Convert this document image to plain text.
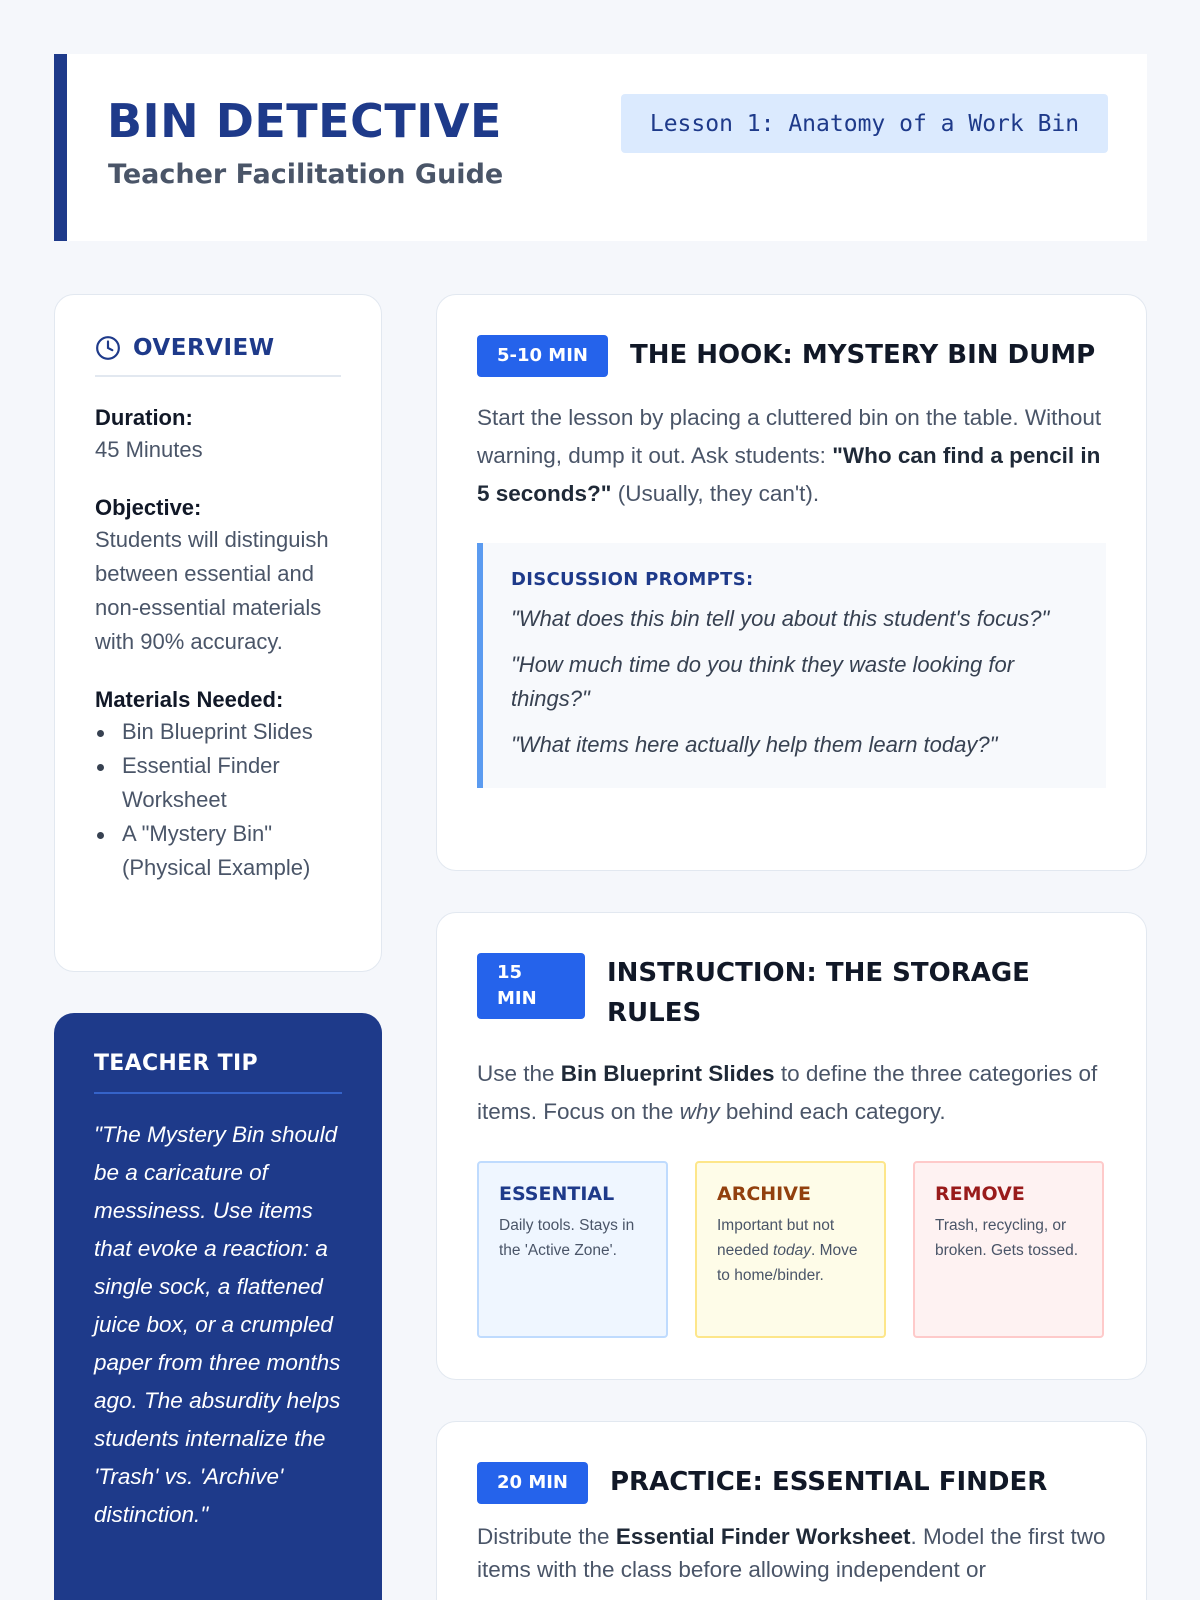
BIN DETECTIVE
Teacher Facilitation Guide
Lesson 1: Anatomy of a Work Bin
OVERVIEW
Duration:
45 Minutes
Objective:
Students will distinguish between essential and non-essential materials with 90% accuracy.
Materials Needed:
Bin Blueprint Slides
Essential Finder Worksheet
A "Mystery Bin" (Physical Example)
TEACHER TIP
"The Mystery Bin should be a caricature of messiness. Use items that evoke a reaction: a single sock, a flattened juice box, or a crumpled paper from three months ago. The absurdity helps students internalize the 'Trash' vs. 'Archive' distinction."
5-10 MIN	THE HOOK: MYSTERY BIN DUMP

Start the lesson by placing a cluttered bin on the table. Without warning, dump it out. Ask students: "Who can find a pencil in 5 seconds?" (Usually, they can't).

DISCUSSION PROMPTS:
"What does this bin tell you about this student's focus?"
"How much time do you think they waste looking for things?"
"What items here actually help them learn today?"
15 MIN
INSTRUCTION: THE STORAGE RULES

Use the Bin Blueprint Slides to define the three categories of items. Focus on the why behind each category.

ESSENTIAL
Daily tools. Stays in the 'Active Zone'.
ARCHIVE
Important but not needed today. Move to home/binder.
REMOVE
Trash, recycling, or broken. Gets tossed.
20 MIN	PRACTICE: ESSENTIAL FINDER

Distribute the Essential Finder Worksheet. Model the first two items with the class before allowing independent or
